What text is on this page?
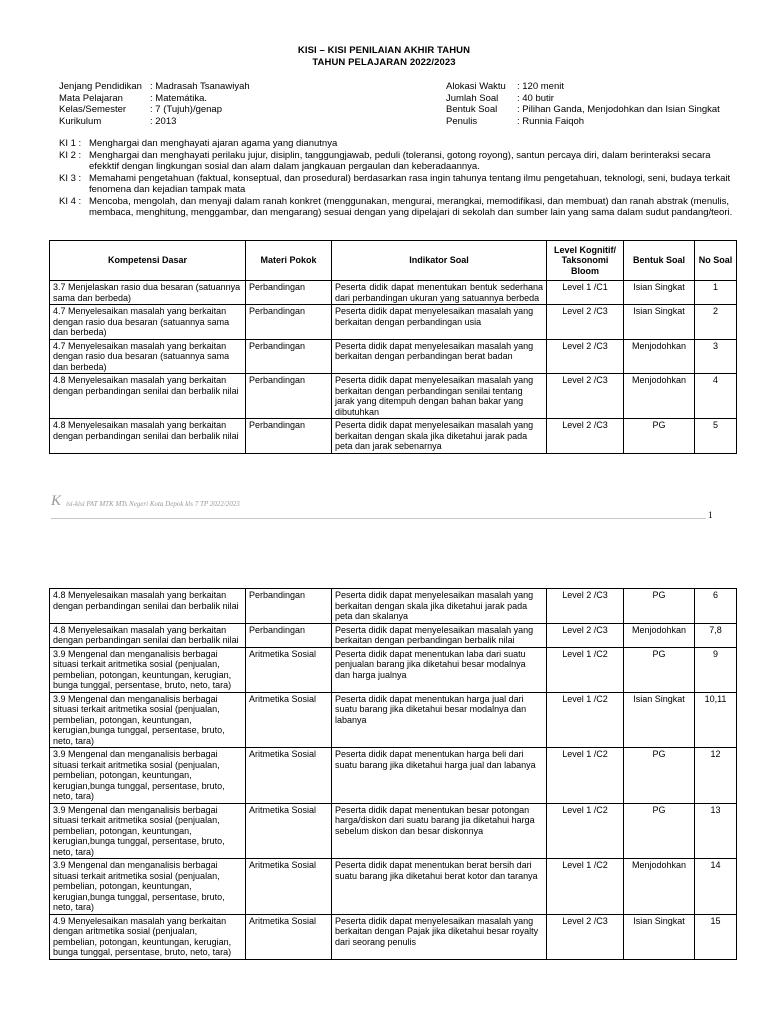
KISI – KISI PENILAIAN AKHIR TAHUN
TAHUN PELAJARAN 2022/2023
Jenjang Pendidikan : Madrasah Tsanawiyah
Mata Pelajaran	: Matemátika.
Kelas/Semester	: 7 (Tujuh)/genap
Kurikulum	: 2013
Alokasi Waktu	: 120 menit
Jumlah Soal	: 40 butir
Bentuk Soal	: Pilihan Ganda, Menjodohkan dan Isian Singkat
Penulis	: Runnia Faiqoh
KI 1 : Menghargai dan menghayati ajaran agama yang dianutnya
KI 2 : Menghargai dan menghayati perilaku jujur, disiplin, tanggungjawab, peduli (toleransi, gotong royong), santun percaya diri, dalam berinteraksi secara efekktif dengan lingkungan sosial dan alam dalam jangkauan pergaulan dan keberadaannya.
KI 3 : Memahami pengetahuan (faktual, konseptual, dan prosedural) berdasarkan rasa ingin tahunya tentang ilmu pengetahuan, teknologi, seni, budaya terkait fenomena dan kejadian tampak mata
KI 4 : Mencoba, mengolah, dan menyaji dalam ranah konkret (menggunakan, mengurai, merangkai, memodifikasi, dan membuat) dan ranah abstrak (menulis, membaca, menghitung, menggambar, dan mengarang) sesuai dengan yang dipelajari di sekolah dan sumber lain yang sama dalam sudut pandang/teori.
Kompetensi Dasar	Materi Pokok	Indikator Soal	Level Kognitif/ Taksonomi Bloom	Bentuk Soal	No Soal
3.7 Menjelaskan rasio dua besaran (satuannya sama dan berbeda)	Perbandingan	Peserta didik dapat menentukan bentuk sederhana dari perbandingan ukuran yang satuannya berbeda	Level 1 /C1	Isian Singkat	1
4.7 Menyelesaikan masalah yang berkaitan dengan rasio dua besaran (satuannya sama dan berbeda)	Perbandingan	Peserta didik dapat menyelesaikan masalah yang berkaitan dengan perbandingan usia	Level 2 /C3	Isian Singkat	2
4.7 Menyelesaikan masalah yang berkaitan dengan rasio dua besaran (satuannya sama dan berbeda)	Perbandingan	Peserta didik dapat menyelesaikan masalah yang berkaitan dengan perbandingan berat badan	Level 2 /C3	Menjodohkan	3
4.8 Menyelesaikan masalah yang berkaitan dengan perbandingan senilai dan berbalik nilai	Perbandingan	Peserta didik dapat menyelesaikan masalah yang berkaitan dengan perbandingan senilai tentang jarak yang ditempuh dengan bahan bakar yang dibutuhkan	Level 2 /C3	Menjodohkan	4
4.8 Menyelesaikan masalah yang berkaitan dengan perbandingan senilai dan berbalik nilai	Perbandingan	Peserta didik dapat menyelesaikan masalah yang berkaitan dengan skala jika diketahui jarak pada peta dan jarak sebenarnya	Level 2 /C3	PG	5
K isi-kisi PAT MTK MTs Negeri Kota Depok kls 7 TP 2022/2023
1
4.8 Menyelesaikan masalah yang berkaitan dengan perbandingan senilai dan berbalik nilai	Perbandingan	Peserta didik dapat menyelesaikan masalah yang berkaitan dengan skala jika diketahui jarak pada peta dan skalanya	Level 2 /C3	PG	6
4.8 Menyelesaikan masalah yang berkaitan dengan perbandingan senilai dan berbalik nilai	Perbandingan	Peserta didik dapat menyelesaikan masalah yang berkaitan dengan perbandingan berbalik nilai	Level 2 /C3	Menjodohkan	7,8
3.9 Mengenal dan menganalisis berbagai situasi terkait aritmetika sosial (penjualan, pembelian, potongan, keuntungan, kerugian, bunga tunggal, persentase, bruto, neto, tara)	Aritmetika Sosial	Peserta didik dapat menentukan laba dari suatu penjualan barang jika diketahui besar modalnya dan harga jualnya	Level 1 /C2	PG	9
3.9 Mengenal dan menganalisis berbagai situasi terkait aritmetika sosial (penjualan, pembelian, potongan, keuntungan, kerugian,bunga tunggal, persentase, bruto, neto, tara)	Aritmetika Sosial	Peserta didik dapat menentukan harga jual dari suatu barang jika diketahui besar modalnya dan labanya	Level 1 /C2	Isian Singkat	10,11
3.9 Mengenal dan menganalisis berbagai situasi terkait aritmetika sosial (penjualan, pembelian, potongan, keuntungan, kerugian,bunga tunggal, persentase, bruto, neto, tara)	Aritmetika Sosial	Peserta didik dapat menentukan harga beli dari suatu barang jika diketahui harga jual dan labanya	Level 1 /C2	PG	12
3.9 Mengenal dan menganalisis berbagai situasi terkait aritmetika sosial (penjualan, pembelian, potongan, keuntungan, kerugian,bunga tunggal, persentase, bruto, neto, tara)	Aritmetika Sosial	Peserta didik dapat menentukan besar potongan harga/diskon dari suatu barang jia diketahui harga sebelum diskon dan besar diskonnya	Level 1 /C2	PG	13
3.9 Mengenal dan menganalisis berbagai situasi terkait aritmetika sosial (penjualan, pembelian, potongan, keuntungan, kerugian,bunga tunggal, persentase, bruto, neto, tara)	Aritmetika Sosial	Peserta didik dapat menentukan berat bersih dari suatu barang jika diketahui berat kotor dan taranya	Level 1 /C2	Menjodohkan	14
4.9 Menyelesaikan masalah yang berkaitan dengan aritmetika sosial (penjualan, pembelian, potongan, keuntungan, kerugian, bunga tunggal, persentase, bruto, neto, tara)	Aritmetika Sosial	Peserta didik dapat menyelesaikan masalah yang berkaitan dengan Pajak jika diketahui besar royalty dari seorang penulis	Level 2 /C3	Isian Singkat	15
